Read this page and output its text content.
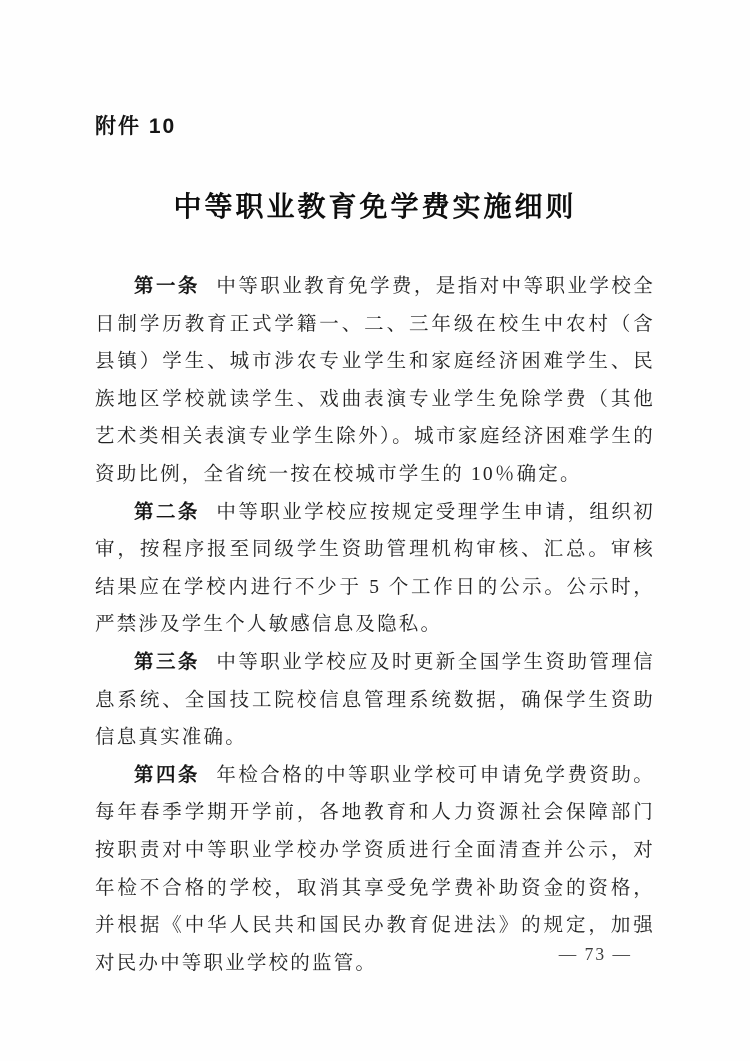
附件 10
中等职业教育免学费实施细则

第一条 中等职业教育免学费，是指对中等职业学校全日制学历教育正式学籍一、二、三年级在校生中农村（含县镇）学生、城市涉农专业学生和家庭经济困难学生、民族地区学校就读学生、戏曲表演专业学生免除学费（其他艺术类相关表演专业学生除外）。城市家庭经济困难学生的资助比例，全省统一按在校城市学生的 10％确定。

第二条 中等职业学校应按规定受理学生申请，组织初审，按程序报至同级学生资助管理机构审核、汇总。审核结果应在学校内进行不少于 5 个工作日的公示。公示时，严禁涉及学生个人敏感信息及隐私。

第三条 中等职业学校应及时更新全国学生资助管理信息系统、全国技工院校信息管理系统数据，确保学生资助信息真实准确。

第四条 年检合格的中等职业学校可申请免学费资助。每年春季学期开学前，各地教育和人力资源社会保障部门按职责对中等职业学校办学资质进行全面清查并公示，对年检不合格的学校，取消其享受免学费补助资金的资格，并根据《中华人民共和国民办教育促进法》的规定，加强对民办中等职业学校的监管。	— 73 —
